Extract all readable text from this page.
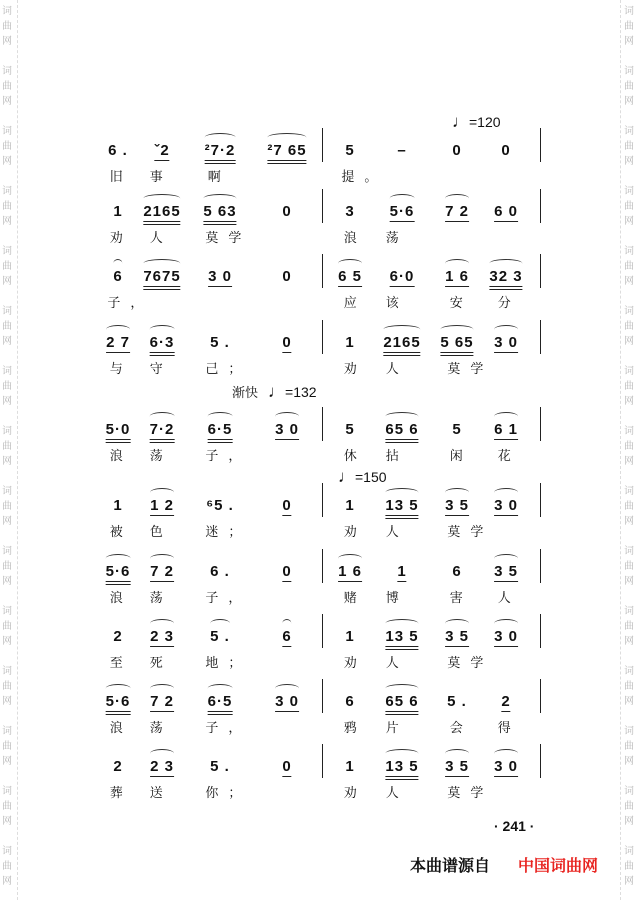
词
曲
网
词
曲
网
词
曲
网
词
曲
网
词
曲
网
词
曲
网
词
曲
网
词
曲
网
词
曲
网
词
曲
网
词
曲
网
词
曲
网
词
曲
网
词
曲
网
词
曲
网
词
曲
网
词
曲
网
词
曲
网
词
曲
网
词
曲
网
词
曲
网
词
曲
网
词
曲
网
词
曲
网
词
曲
网
词
曲
网
词
曲
网
词
曲
网
词
曲
网
词
曲
网
♩=120
渐快 ♩=132
♩=150
6 . ˇ2 ²7·2 ²7 65	5	–	0	0
旧 事	啊	提。
1 2165 5 63	0	3 5·6 7 2 6 0
劝 人	莫学	浪 荡
6 7675 3 0	0	6 5 6·0 1 6 32 3
子，	应 该	安 分
2 7 6·3 5 .	0	1 2165 5 65 3 0
与 守	己；	劝 人	莫学
5·0 7·2 6·5	3 0	5 65 6 5 6 1
浪 荡	子，	休 拈	闲 花
1 1 2 ⁶5 .	0	1 13 5 3 5 3 0
被 色	迷；	劝 人	莫学
5·6 7 2 6 .	0	1 6 1	6 3 5
浪 荡	子，	赌 博	害 人
2 2 3 5 .	6	1 13 5 3 5 3 0
至 死	地；	劝 人	莫学
5·6 7 2 6·5	3 0	6 65 6 5 . 2
浪 荡	子，	鸦 片	会 得
2 2 3 5 .	0	1 13 5 3 5 3 0
葬 送	你；	劝 人	莫学
· 241 ·
本曲谱源自 中国词曲网
